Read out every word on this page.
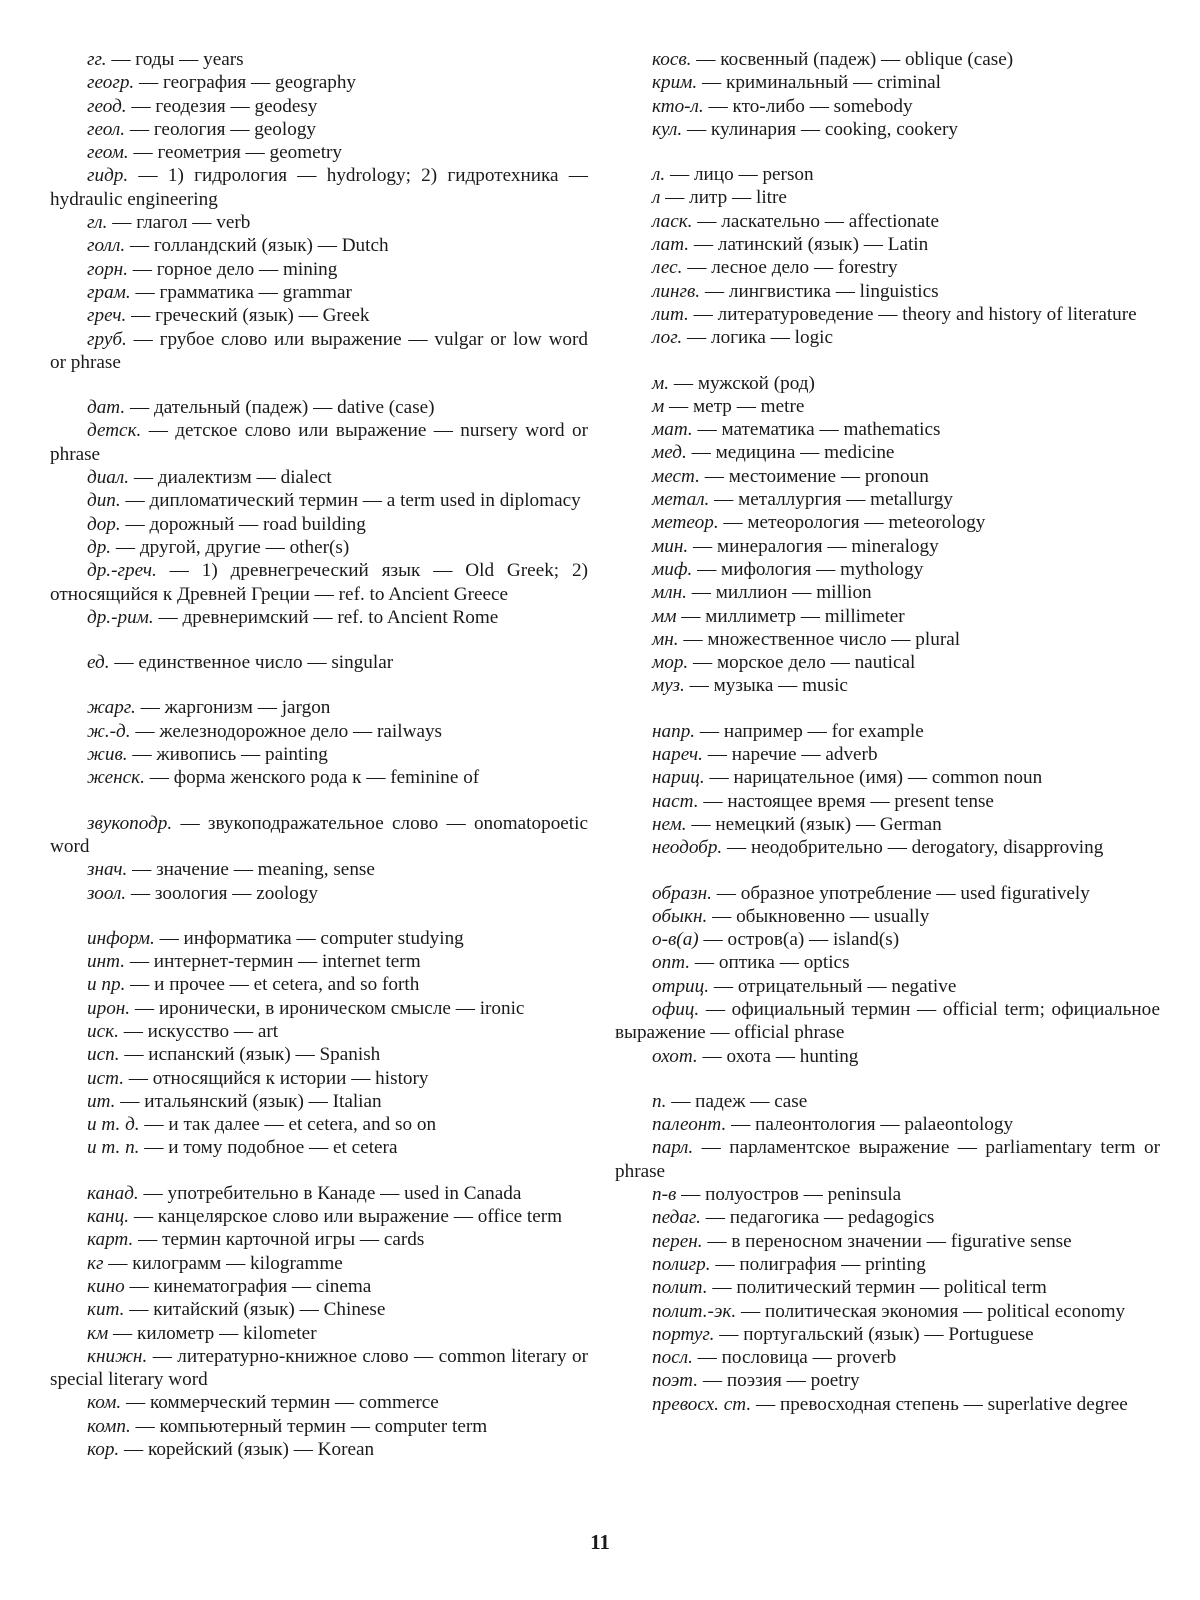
гг. — годы — years
геогр. — география — geography
геод. — геодезия — geodesy
геол. — геология — geology
геом. — геометрия — geometry
гидр. — 1) гидрология — hydrology; 2) гидротехника — hydraulic engineering
гл. — глагол — verb
голл. — голландский (язык) — Dutch
горн. — горное дело — mining
грам. — грамматика — grammar
греч. — греческий (язык) — Greek
груб. — грубое слово или выражение — vulgar or low word or phrase
дат. — дательный (падеж) — dative (case)
детск. — детское слово или выражение — nursery word or phrase
диал. — диалектизм — dialect
дип. — дипломатический термин — a term used in diplomacy
дор. — дорожный — road building
др. — другой, другие — other(s)
др.-греч. — 1) древнегреческий язык — Old Greek; 2) относящийся к Древней Греции — ref. to Ancient Greece
др.-рим. — древнеримский — ref. to Ancient Rome
ед. — единственное число — singular
жарг. — жаргонизм — jargon
ж.-д. — железнодорожное дело — railways
жив. — живопись — painting
женск. — форма женского рода к — feminine of
звукоподр. — звукоподражательное слово — onomatopoetic word
знач. — значение — meaning, sense
зоол. — зоология — zoology
информ. — информатика — computer studying
инт. — интернет-термин — internet term
и пр. — и прочее — et cetera, and so forth
ирон. — иронически, в ироническом смысле — ironic
иск. — искусство — art
исп. — испанский (язык) — Spanish
ист. — относящийся к истории — history
ит. — итальянский (язык) — Italian
и т. д. — и так далее — et cetera, and so on
и т. п. — и тому подобное — et cetera
канад. — употребительно в Канаде — used in Canada
канц. — канцелярское слово или выражение — office term
карт. — термин карточной игры — cards
кг — килограмм — kilogramme
кино — кинематография — cinema
кит. — китайский (язык) — Chinese
км — километр — kilometer
книжн. — литературно-книжное слово — common literary or special literary word
ком. — коммерческий термин — commerce
комп. — компьютерный термин — computer term
кор. — корейский (язык) — Korean
косв. — косвенный (падеж) — oblique (case)
крим. — криминальный — criminal
кто-л. — кто-либо — somebody
кул. — кулинария — cooking, cookery
л. — лицо — person
л — литр — litre
ласк. — ласкательно — affectionate
лат. — латинский (язык) — Latin
лес. — лесное дело — forestry
лингв. — лингвистика — linguistics
лит. — литературоведение — theory and history of literature
лог. — логика — logic
м. — мужской (род)
м — метр — metre
мат. — математика — mathematics
мед. — медицина — medicine
мест. — местоимение — pronoun
метал. — металлургия — metallurgy
метеор. — метеорология — meteorology
мин. — минералогия — mineralogy
миф. — мифология — mythology
млн. — миллион — million
мм — миллиметр — millimeter
мн. — множественное число — plural
мор. — морское дело — nautical
муз. — музыка — music
напр. — например — for example
нареч. — наречие — adverb
нариц. — нарицательное (имя) — common noun
наст. — настоящее время — present tense
нем. — немецкий (язык) — German
неодобр. — неодобрительно — derogatory, disapproving
образн. — образное употребление — used figuratively
обыкн. — обыкновенно — usually
о-в(а) — остров(а) — island(s)
опт. — оптика — optics
отриц. — отрицательный — negative
офиц. — официальный термин — official term; официальное выражение — official phrase
охот. — охота — hunting
п. — падеж — case
палеонт. — палеонтология — palaeontology
парл. — парламентское выражение — parliamentary term or phrase
п-в — полуостров — peninsula
педаг. — педагогика — pedagogics
перен. — в переносном значении — figurative sense
полигр. — полиграфия — printing
полит. — политический термин — political term
полит.-эк. — политическая экономия — political economy
португ. — португальский (язык) — Portuguese
посл. — пословица — proverb
поэт. — поэзия — poetry
превосх. ст. — превосходная степень — superlative degree
11
